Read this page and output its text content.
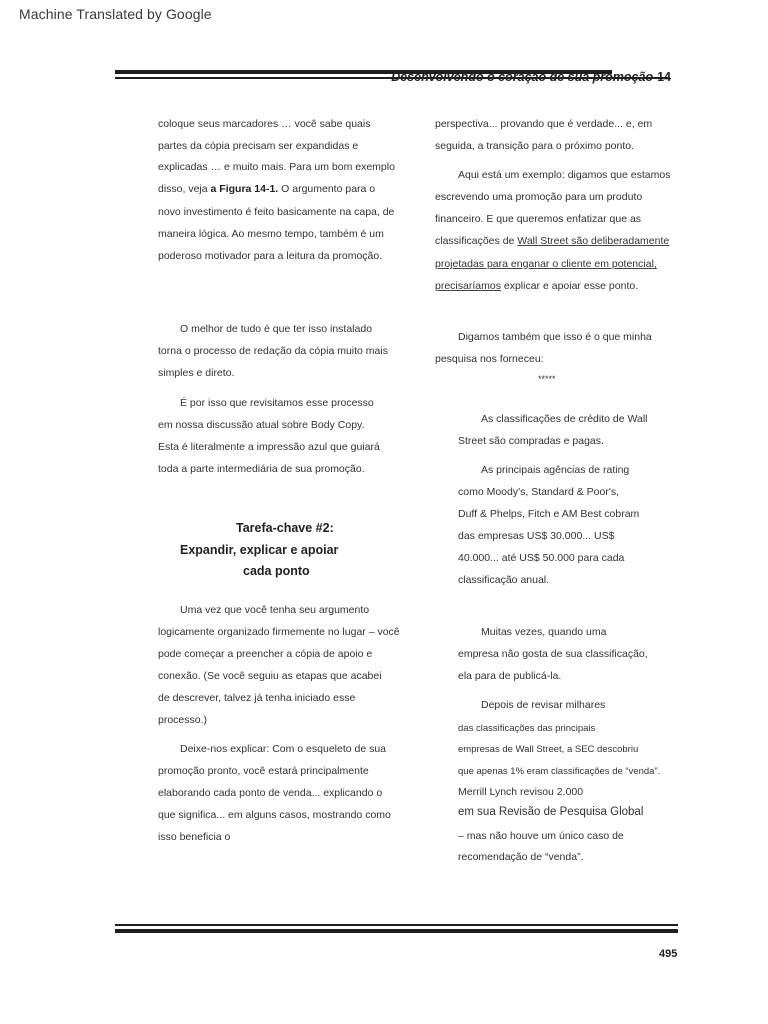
Machine Translated by Google
Desenvolvendo o coração de sua promoção 14
coloque seus marcadores … você sabe quais
partes da cópia precisam ser expandidas e
explicadas … e muito mais. Para um bom exemplo
disso, veja a Figura 14-1. O argumento para o
novo investimento é feito basicamente na capa, de
maneira lógica. Ao mesmo tempo, também é um
poderoso motivador para a leitura da promoção.
O melhor de tudo é que ter isso instalado
torna o processo de redação da cópia muito mais
simples e direto.
É por isso que revisitamos esse processo
em nossa discussão atual sobre Body Copy.
Esta é literalmente a impressão azul que guiará
toda a parte intermediária de sua promoção.
Tarefa-chave #2:
Expandir, explicar e apoiar
cada ponto
Uma vez que você tenha seu argumento
logicamente organizado firmemente no lugar – você
pode começar a preencher a cópia de apoio e
conexão. (Se você seguiu as etapas que acabei
de descrever, talvez já tenha iniciado esse
processo.)
Deixe-nos explicar: Com o esqueleto de sua
promoção pronto, você estará principalmente
elaborando cada ponto de venda... explicando o
que significa... em alguns casos, mostrando como
isso beneficia o
perspectiva... provando que é verdade... e, em
seguida, a transição para o próximo ponto.
Aqui está um exemplo: digamos que estamos
escrevendo uma promoção para um produto
financeiro. E que queremos enfatizar que as
classificações de Wall Street são deliberadamente
projetadas para enganar o cliente em potencial,
precisaríamos explicar e apoiar esse ponto.
Digamos também que isso é o que minha
pesquisa nos forneceu:
*****
As classificações de crédito de Wall
Street são compradas e pagas.
As principais agências de rating
como Moody's, Standard & Poor's,
Duff & Phelps, Fitch e AM Best cobram
das empresas US$ 30.000... US$
40.000... até US$ 50.000 para cada
classificação anual.
Muitas vezes, quando uma
empresa não gosta de sua classificação,
ela para de publicá-la.
Depois de revisar milhares
das classificações das principais
empresas de Wall Street, a SEC descobriu
que apenas 1% eram classificações de “venda”.
Merrill Lynch revisou 2.000
em sua Revisão de Pesquisa Global
– mas não houve um único caso de
recomendação de “venda”.
495
